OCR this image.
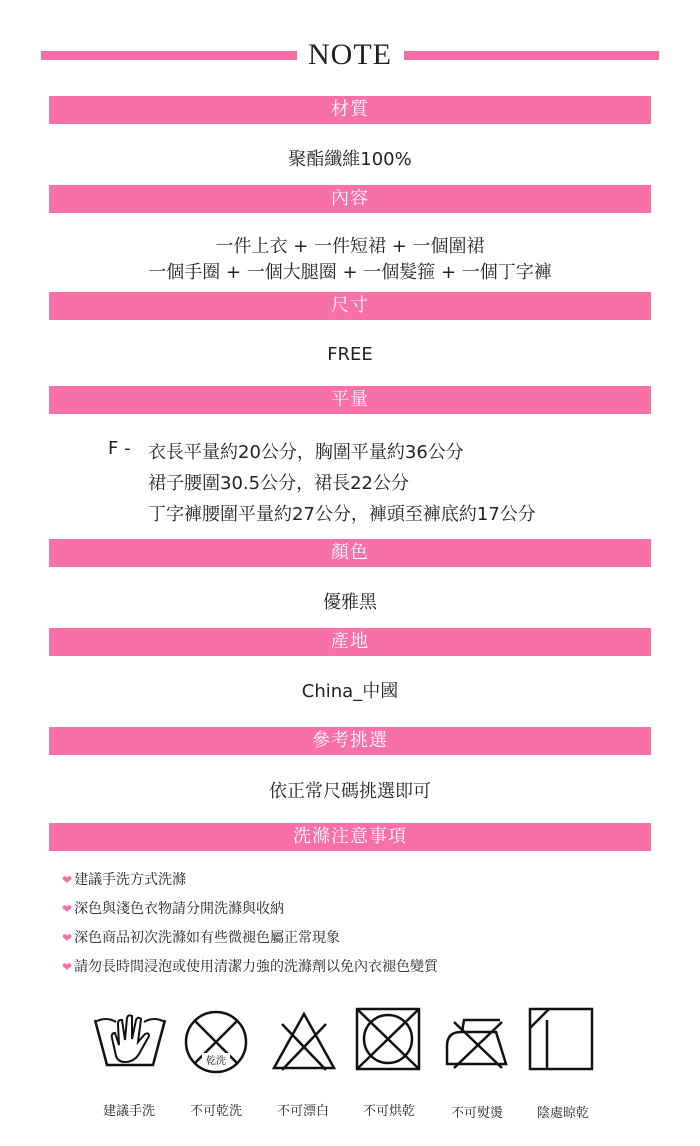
NOTE
材質
聚酯纖維100%
內容
一件上衣 + 一件短裙 + 一個圍裙
一個手圈 + 一個大腿圈 + 一個髮箍 + 一個丁字褲
尺寸
FREE
平量
F - 衣長平量約20公分，胸圍平量約36公分
裙子腰圍30.5公分，裙長22公分
丁字褲腰圍平量約27公分，褲頭至褲底約17公分
顏色
優雅黑
產地
China_中國
參考挑選
依正常尺碼挑選即可
洗滌注意事項
❤ 建議手洗方式洗滌
❤ 深色與淺色衣物請分開洗滌與收納
❤ 深色商品初次洗滌如有些微褪色屬正常現象
❤ 請勿長時間浸泡或使用清潔力強的洗滌劑以免內衣褪色變質
乾洗
建議手洗	不可乾洗	不可漂白	不可烘乾	不可熨燙	陰處晾乾
